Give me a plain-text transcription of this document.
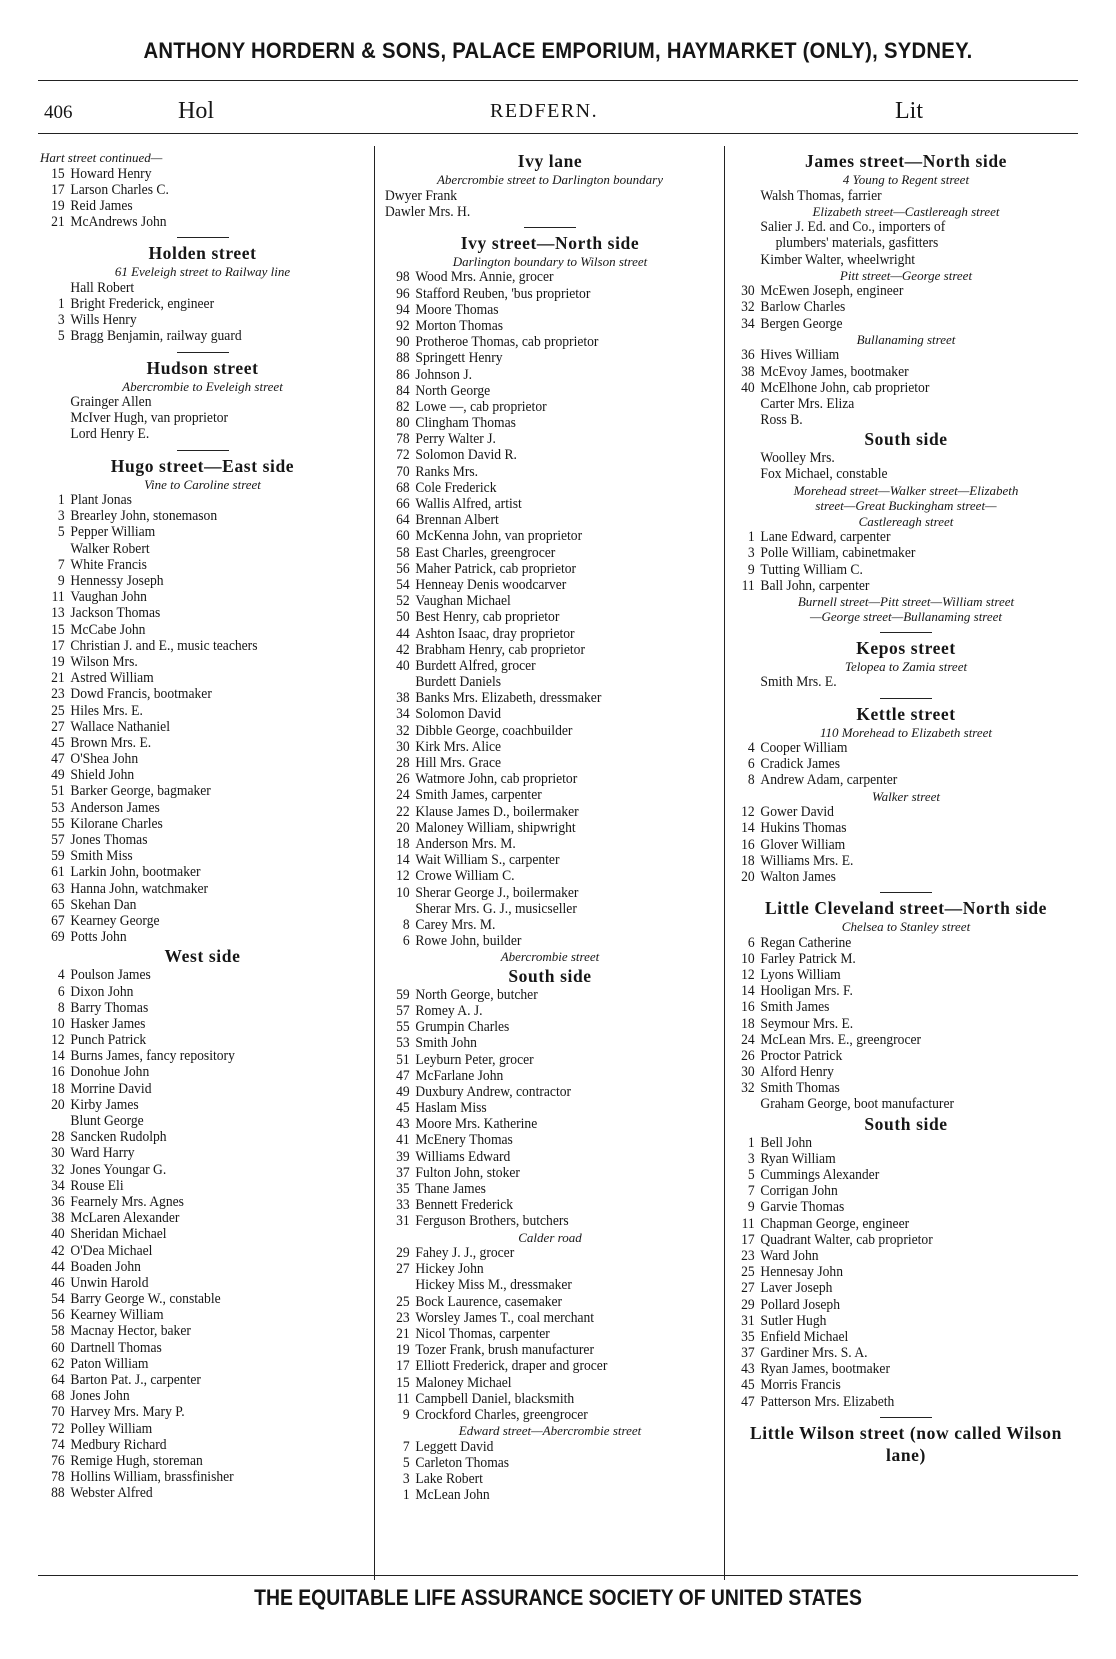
ANTHONY HORDERN & SONS, PALACE EMPORIUM, HAYMARKET (ONLY), SYDNEY.
406	Hol	REDFERN.	Lit
Hart street continued—
15 Howard Henry
17 Larson Charles C.
19 Reid James
21 McAndrews John
Holden street
61 Eveleigh street to Railway line
Hall Robert
1 Bright Frederick, engineer
3 Wills Henry
5 Bragg Benjamin, railway guard
Hudson street
Abercrombie to Eveleigh street
Grainger Allen
McIver Hugh, van proprietor
Lord Henry E.
Hugo street—East side
Vine to Caroline street
1 Plant Jonas
3 Brearley John, stonemason
5 Pepper William
Walker Robert
7 White Francis
9 Hennessy Joseph
11 Vaughan John
13 Jackson Thomas
15 McCabe John
17 Christian J. and E., music teachers
19 Wilson Mrs.
21 Astred William
23 Dowd Francis, bootmaker
25 Hiles Mrs. E.
27 Wallace Nathaniel
45 Brown Mrs. E.
47 O'Shea John
49 Shield John
51 Barker George, bagmaker
53 Anderson James
55 Kilorane Charles
57 Jones Thomas
59 Smith Miss
61 Larkin John, bootmaker
63 Hanna John, watchmaker
65 Skehan Dan
67 Kearney George
69 Potts John
West side
4 Poulson James
6 Dixon John
8 Barry Thomas
10 Hasker James
12 Punch Patrick
14 Burns James, fancy repository
16 Donohue John
18 Morrine David
20 Kirby James
Blunt George
28 Sancken Rudolph
30 Ward Harry
32 Jones Youngar G.
34 Rouse Eli
36 Fearnely Mrs. Agnes
38 McLaren Alexander
40 Sheridan Michael
42 O'Dea Michael
44 Boaden John
46 Unwin Harold
54 Barry George W., constable
56 Kearney William
58 Macnay Hector, baker
60 Dartnell Thomas
62 Paton William
64 Barton Pat. J., carpenter
68 Jones John
70 Harvey Mrs. Mary P.
72 Polley William
74 Medbury Richard
76 Remige Hugh, storeman
78 Hollins William, brassfinisher
88 Webster Alfred
Ivy lane
Abercrombie street to Darlington boundary
Dwyer Frank
Dawler Mrs. H.
Ivy street—North side
Darlington boundary to Wilson street
98 Wood Mrs. Annie, grocer
96 Stafford Reuben, 'bus proprietor
94 Moore Thomas
92 Morton Thomas
90 Protheroe Thomas, cab proprietor
88 Springett Henry
86 Johnson J.
84 North George
82 Lowe —, cab proprietor
80 Clingham Thomas
78 Perry Walter J.
72 Solomon David R.
70 Ranks Mrs.
68 Cole Frederick
66 Wallis Alfred, artist
64 Brennan Albert
60 McKenna John, van proprietor
58 East Charles, greengrocer
56 Maher Patrick, cab proprietor
54 Henneay Denis woodcarver
52 Vaughan Michael
50 Best Henry, cab proprietor
44 Ashton Isaac, dray proprietor
42 Brabham Henry, cab proprietor
40 Burdett Alfred, grocer
Burdett Daniels
38 Banks Mrs. Elizabeth, dressmaker
34 Solomon David
32 Dibble George, coachbuilder
30 Kirk Mrs. Alice
28 Hill Mrs. Grace
26 Watmore John, cab proprietor
24 Smith James, carpenter
22 Klause James D., boilermaker
20 Maloney William, shipwright
18 Anderson Mrs. M.
14 Wait William S., carpenter
12 Crowe William C.
10 Sherar George J., boilermaker
Sherar Mrs. G. J., musicseller
8 Carey Mrs. M.
6 Rowe John, builder
Abercrombie street
South side
59 North George, butcher
57 Romey A. J.
55 Grumpin Charles
53 Smith John
51 Leyburn Peter, grocer
47 McFarlane John
49 Duxbury Andrew, contractor
45 Haslam Miss
43 Moore Mrs. Katherine
41 McEnery Thomas
39 Williams Edward
37 Fulton John, stoker
35 Thane James
33 Bennett Frederick
31 Ferguson Brothers, butchers
Calder road
29 Fahey J. J., grocer
27 Hickey John
Hickey Miss M., dressmaker
25 Bock Laurence, casemaker
23 Worsley James T., coal merchant
21 Nicol Thomas, carpenter
19 Tozer Frank, brush manufacturer
17 Elliott Frederick, draper and grocer
15 Maloney Michael
11 Campbell Daniel, blacksmith
9 Crockford Charles, greengrocer
Edward street—Abercrombie street
7 Leggett David
5 Carleton Thomas
3 Lake Robert
1 McLean John
James street—North side
4 Young to Regent street
Walsh Thomas, farrier
Elizabeth street—Castlereagh street
Salier J. Ed. and Co., importers of
plumbers' materials, gasfitters
Kimber Walter, wheelwright
Pitt street—George street
30 McEwen Joseph, engineer
32 Barlow Charles
34 Bergen George
Bullanaming street
36 Hives William
38 McEvoy James, bootmaker
40 McElhone John, cab proprietor
Carter Mrs. Eliza
Ross B.
South side
Woolley Mrs.
Fox Michael, constable
Morehead street—Walker street—Elizabeth
street—Great Buckingham street—
Castlereagh street
1 Lane Edward, carpenter
3 Polle William, cabinetmaker
9 Tutting William C.
11 Ball John, carpenter
Burnell street—Pitt street—William street
—George street—Bullanaming street
Kepos street
Telopea to Zamia street
Smith Mrs. E.
Kettle street
110 Morehead to Elizabeth street
4 Cooper William
6 Cradick James
8 Andrew Adam, carpenter
Walker street
12 Gower David
14 Hukins Thomas
16 Glover William
18 Williams Mrs. E.
20 Walton James
Little Cleveland street—North side
Chelsea to Stanley street
6 Regan Catherine
10 Farley Patrick M.
12 Lyons William
14 Hooligan Mrs. F.
16 Smith James
18 Seymour Mrs. E.
24 McLean Mrs. E., greengrocer
26 Proctor Patrick
30 Alford Henry
32 Smith Thomas
Graham George, boot manufacturer
South side
1 Bell John
3 Ryan William
5 Cummings Alexander
7 Corrigan John
9 Garvie Thomas
11 Chapman George, engineer
17 Quadrant Walter, cab proprietor
23 Ward John
25 Hennesay John
27 Laver Joseph
29 Pollard Joseph
31 Sutler Hugh
35 Enfield Michael
37 Gardiner Mrs. S. A.
43 Ryan James, bootmaker
45 Morris Francis
47 Patterson Mrs. Elizabeth
Little Wilson street (now called Wilson lane)
THE EQUITABLE LIFE ASSURANCE SOCIETY OF UNITED STATES
